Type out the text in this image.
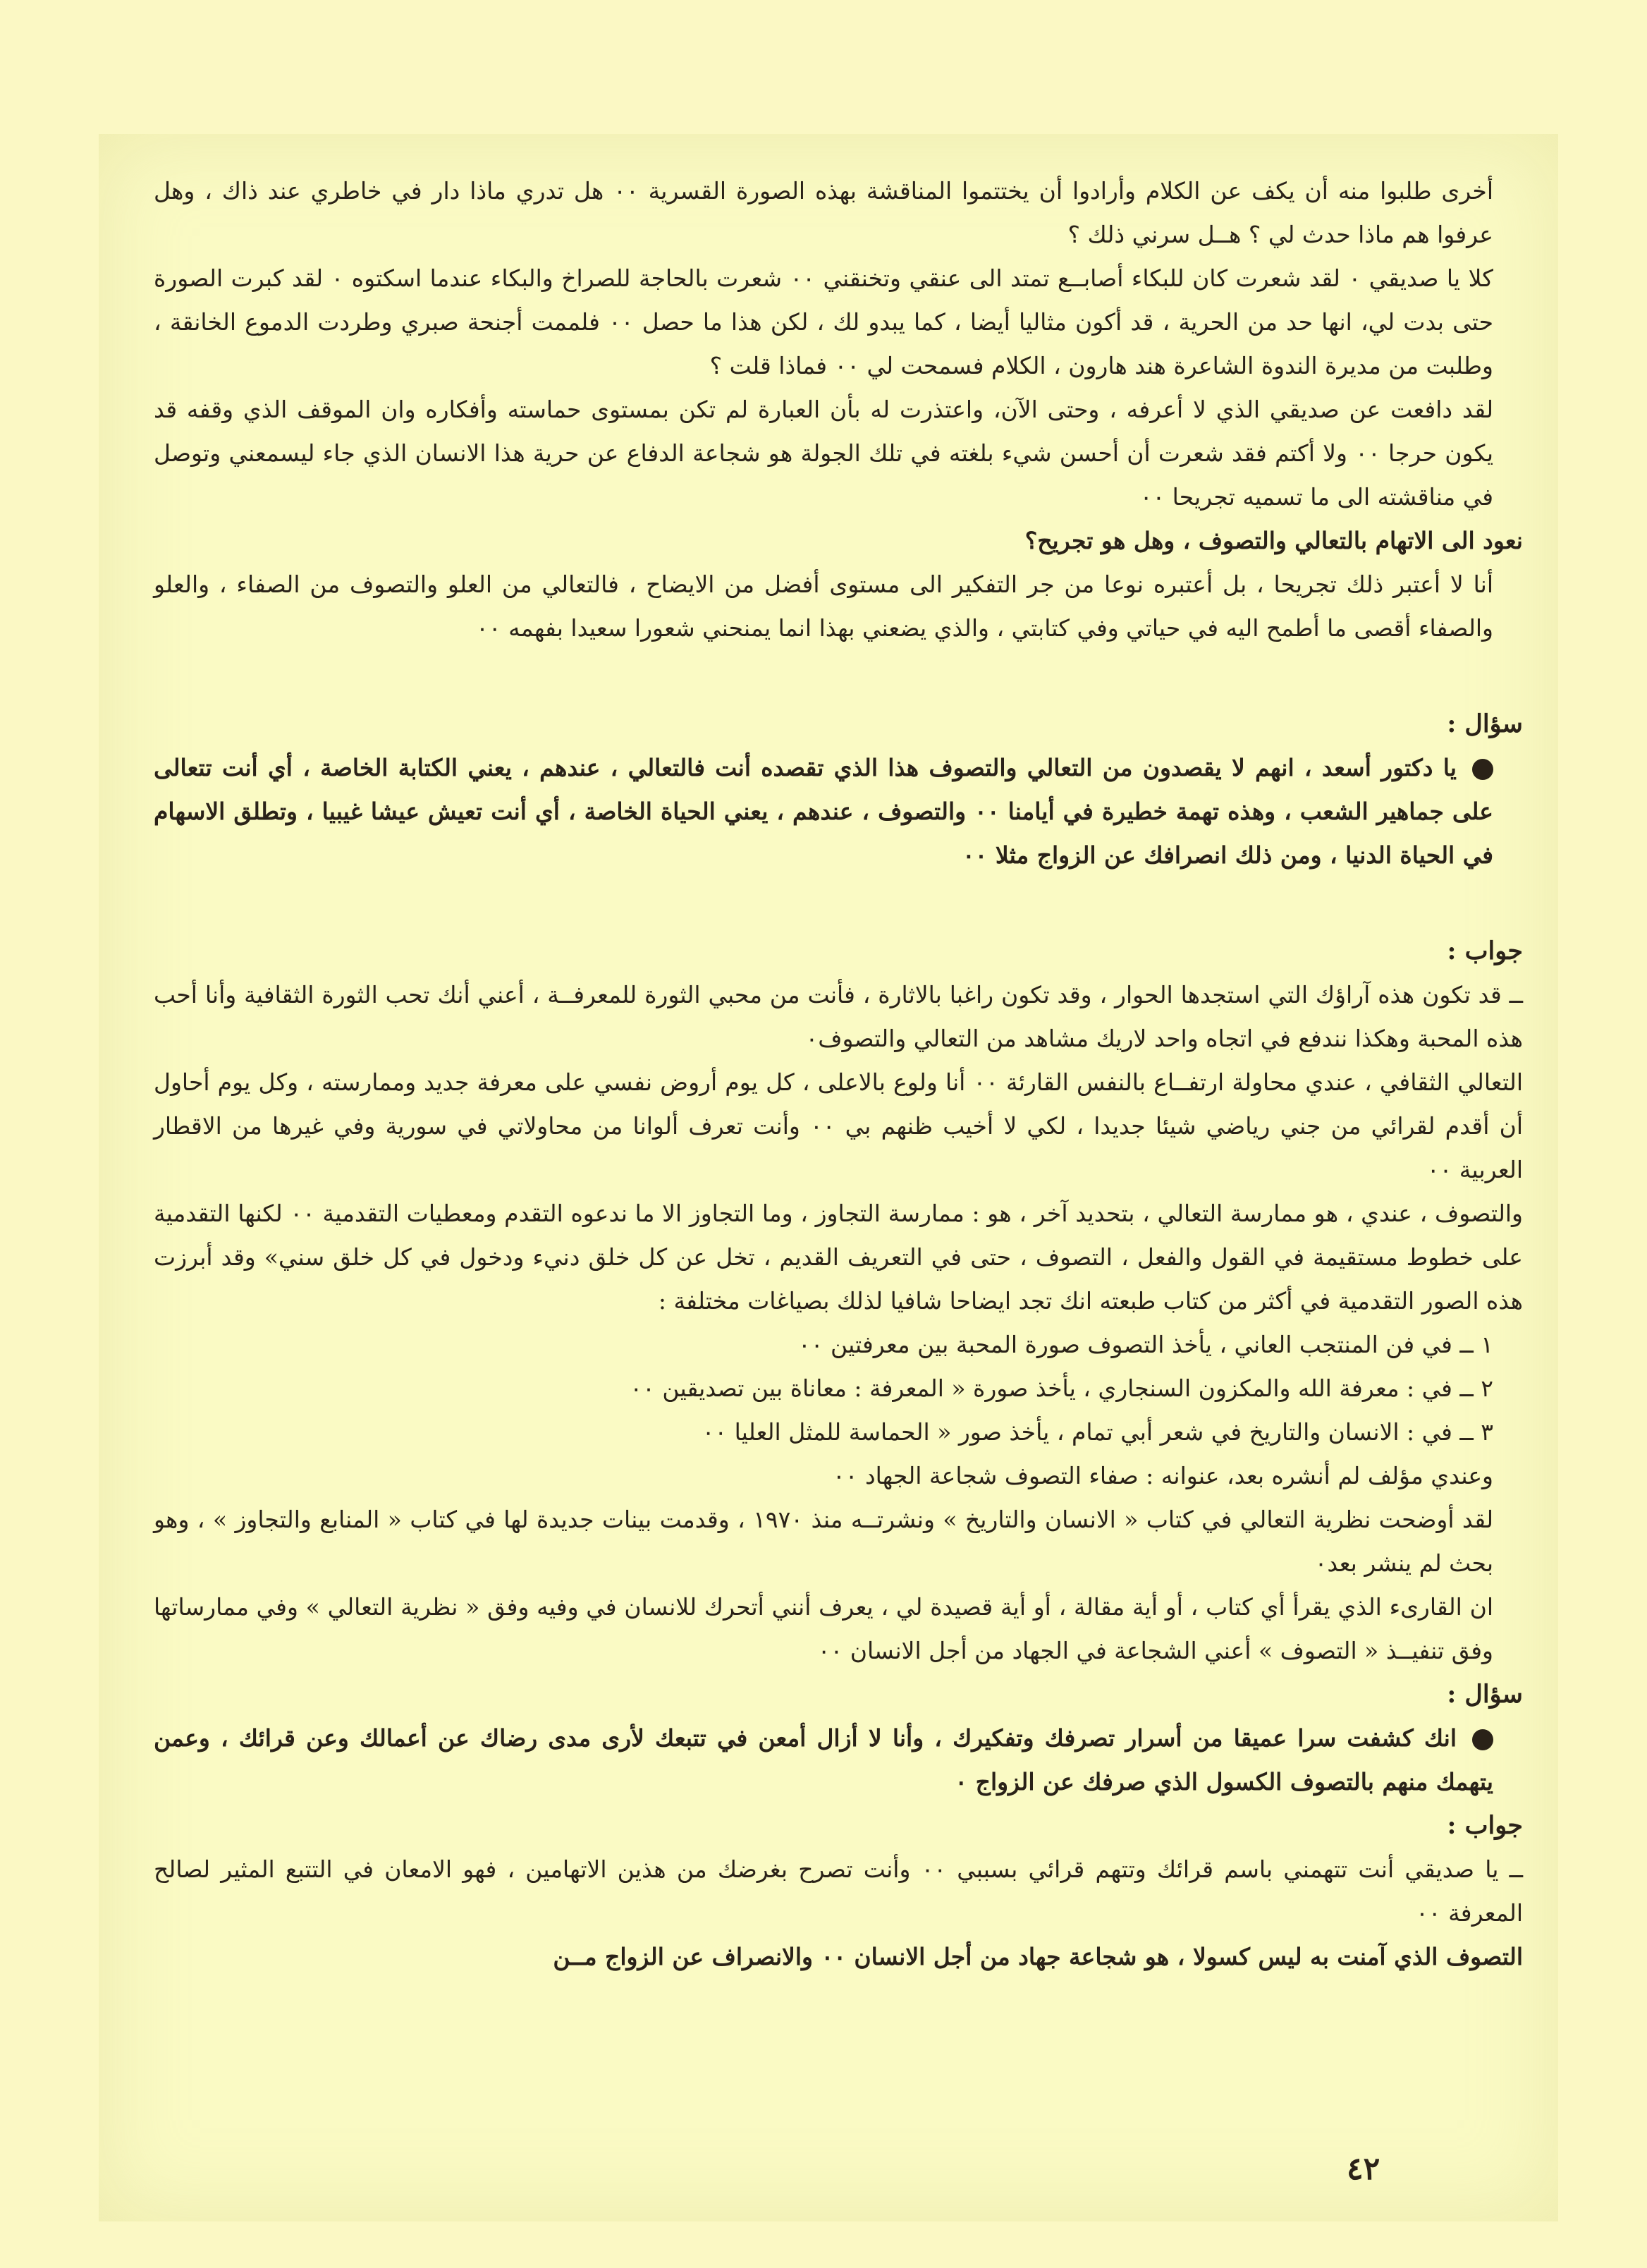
أخرى طلبوا منه أن يكف عن الكلام وأرادوا أن يختتموا المناقشة بهذه الصورة القسرية ٠٠ هل تدري ماذا دار في خاطري عند ذاك ، وهل عرفوا هم ماذا حدث لي ؟ هــل سرني ذلك ؟

كلا يا صديقي ٠ لقد شعرت كان للبكاء أصابــع تمتد الى عنقي وتخنقني ٠٠ شعرت بالحاجة للصراخ والبكاء عندما اسكتوه ٠ لقد كبرت الصورة حتى بدت لي، انها حد من الحرية ، قد أكون مثاليا أيضا ، كما يبدو لك ، لكن هذا ما حصل ٠٠ فلممت أجنحة صبري وطردت الدموع الخانقة ، وطلبت من مديرة الندوة الشاعرة هند هارون ، الكلام فسمحت لي ٠٠ فماذا قلت ؟

لقد دافعت عن صديقي الذي لا أعرفه ، وحتى الآن، واعتذرت له بأن العبارة لم تكن بمستوى حماسته وأفكاره وان الموقف الذي وقفه قد يكون حرجا ٠٠ ولا أكتم فقد شعرت أن أحسن شيء بلغته في تلك الجولة هو شجاعة الدفاع عن حرية هذا الانسان الذي جاء ليسمعني وتوصل في مناقشته الى ما تسميه تجريحا ٠٠

نعود الى الاتهام بالتعالي والتصوف ، وهل هو تجريح؟

أنا لا أعتبر ذلك تجريحا ، بل أعتبره نوعا من جر التفكير الى مستوى أفضل من الايضاح ، فالتعالي من العلو والتصوف من الصفاء ، والعلو والصفاء أقصى ما أطمح اليه في حياتي وفي كتابتي ، والذي يضعني بهذا انما يمنحني شعورا سعيدا بفهمه ٠٠

سؤال :

يا دكتور أسعد ، انهم لا يقصدون من التعالي والتصوف هذا الذي تقصده أنت فالتعالي ، عندهم ، يعني الكتابة الخاصة ، أي أنت تتعالى على جماهير الشعب ، وهذه تهمة خطيرة في أيامنا ٠٠ والتصوف ، عندهم ، يعني الحياة الخاصة ، أي أنت تعيش عيشا غيبيا ، وتطلق الاسهام في الحياة الدنيا ، ومن ذلك انصرافك عن الزواج مثلا ٠٠

جواب :

ــ قد تكون هذه آراؤك التي استجدها الحوار ، وقد تكون راغبا بالاثارة ، فأنت من محبي الثورة للمعرفــة ، أعني أنك تحب الثورة الثقافية وأنا أحب هذه المحبة وهكذا نندفع في اتجاه واحد لاريك مشاهد من التعالي والتصوف٠

التعالي الثقافي ، عندي محاولة ارتفــاع بالنفس القارئة ٠٠ أنا ولوع بالاعلى ، كل يوم أروض نفسي على معرفة جديد وممارسته ، وكل يوم أحاول أن أقدم لقرائي من جني رياضي شيئا جديدا ، لكي لا أخيب ظنهم بي ٠٠ وأنت تعرف ألوانا من محاولاتي في سورية وفي غيرها من الاقطار العربية ٠٠

والتصوف ، عندي ، هو ممارسة التعالي ، بتحديد آخر ، هو : ممارسة التجاوز ، وما التجاوز الا ما ندعوه التقدم ومعطيات التقدمية ٠٠ لكنها التقدمية على خطوط مستقيمة في القول والفعل ، التصوف ، حتى في التعريف القديم ، تخل عن كل خلق دنيء ودخول في كل خلق سني» وقد أبرزت هذه الصور التقدمية في أكثر من كتاب طبعته انك تجد ايضاحا شافيا لذلك بصياغات مختلفة :

١ ــ في فن المنتجب العاني ، يأخذ التصوف صورة المحبة بين معرفتين ٠٠

٢ ــ في : معرفة الله والمكزون السنجاري ، يأخذ صورة « المعرفة : معاناة بين تصديقين ٠٠

٣ ــ في : الانسان والتاريخ في شعر أبي تمام ، يأخذ صور « الحماسة للمثل العليا ٠٠

وعندي مؤلف لم أنشره بعد، عنوانه : صفاء التصوف شجاعة الجهاد ٠٠

لقد أوضحت نظرية التعالي في كتاب « الانسان والتاريخ » ونشرتــه منذ ١٩٧٠ ، وقدمت بينات جديدة لها في كتاب « المنابع والتجاوز » ، وهو بحث لم ينشر بعد٠

ان القارىء الذي يقرأ أي كتاب ، أو أية مقالة ، أو أية قصيدة لي ، يعرف أنني أتحرك للانسان في وفيه وفق « نظرية التعالي » وفي ممارساتها وفق تنفيــذ « التصوف » أعني الشجاعة في الجهاد من أجل الانسان ٠٠

سؤال :

انك كشفت سرا عميقا من أسرار تصرفك وتفكيرك ، وأنا لا أزال أمعن في تتبعك لأرى مدى رضاك عن أعمالك وعن قرائك ، وعمن يتهمك منهم بالتصوف الكسول الذي صرفك عن الزواج ٠

جواب :

ــ يا صديقي أنت تتهمني باسم قرائك وتتهم قرائي بسببي ٠٠ وأنت تصرح بغرضك من هذين الاتهامين ، فهو الامعان في التتبع المثير لصالح المعرفة ٠٠

التصوف الذي آمنت به ليس كسولا ، هو شجاعة جهاد من أجل الانسان ٠٠ والانصراف عن الزواج مــن

٤٢
